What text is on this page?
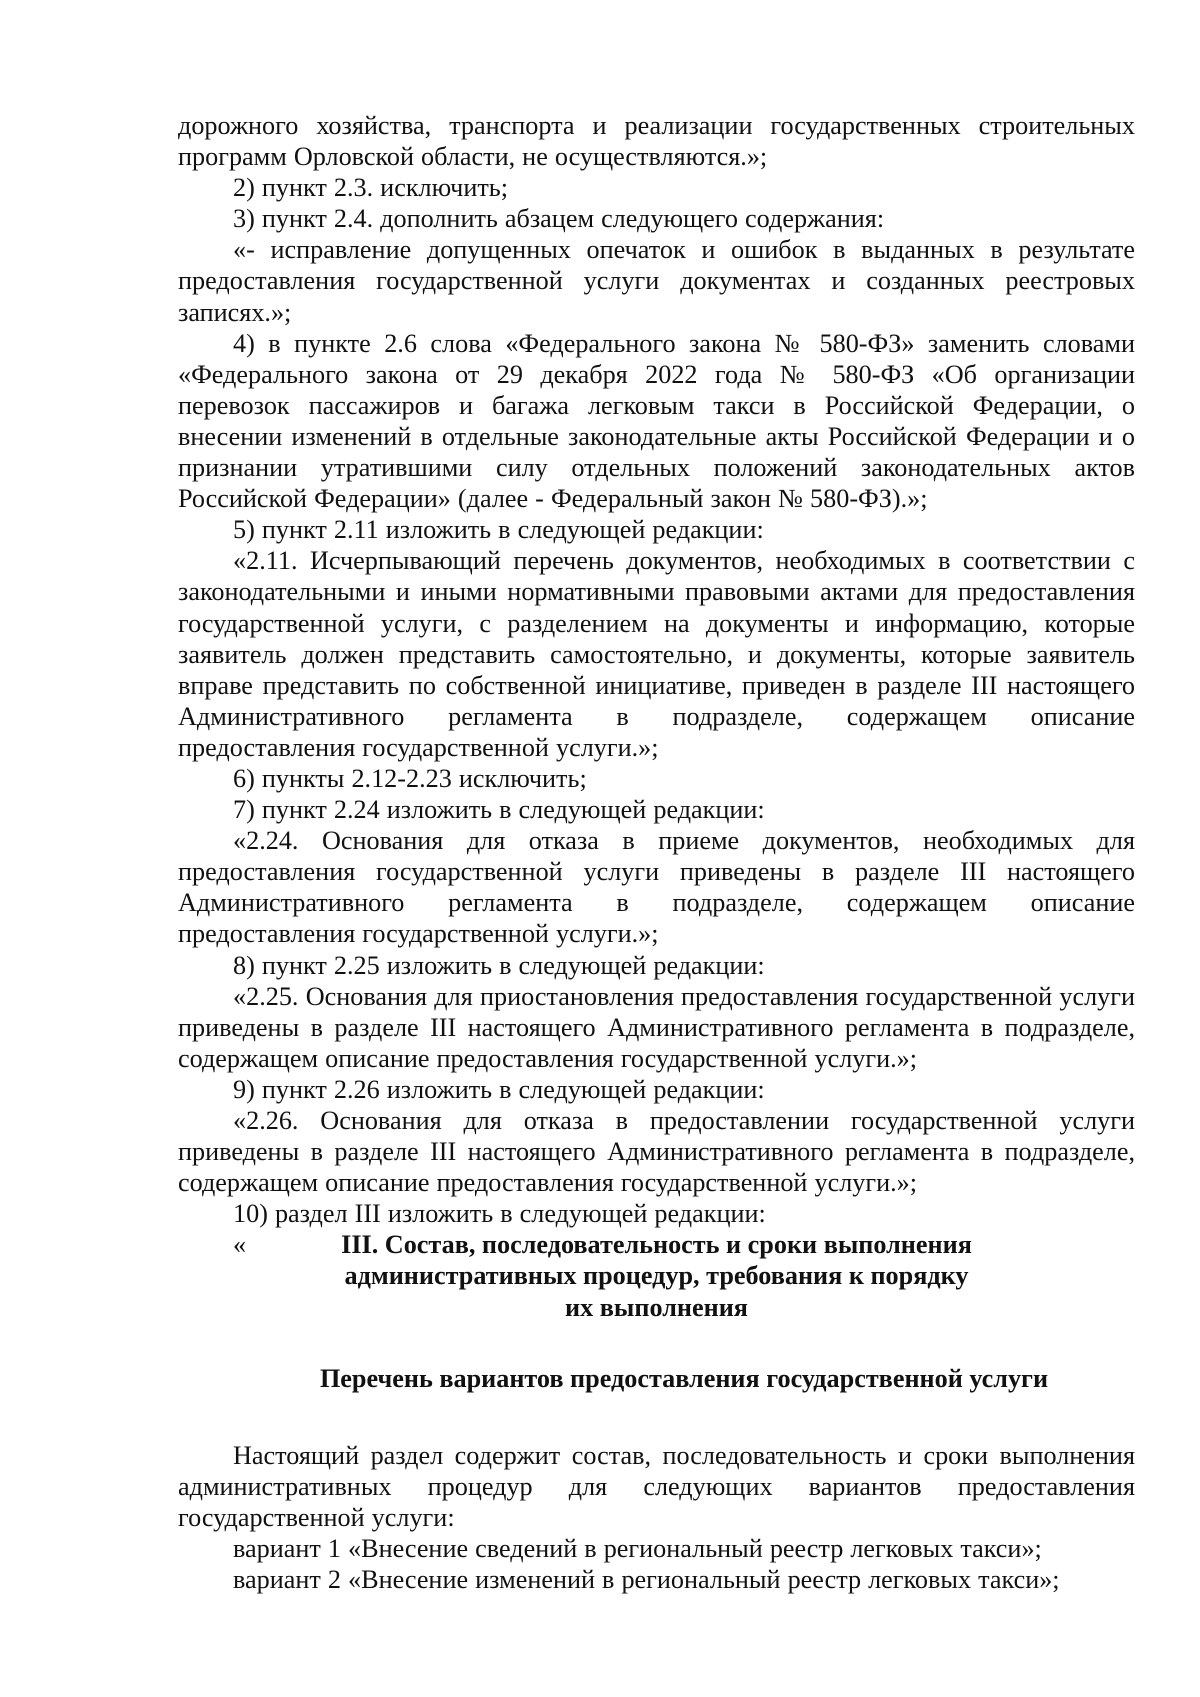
дорожного хозяйства, транспорта и реализации государственных строительных программ Орловской области, не осуществляются.»;

2) пункт 2.3. исключить;

3) пункт 2.4. дополнить абзацем следующего содержания:

«- исправление допущенных опечаток и ошибок в выданных в результате предоставления государственной услуги документах и созданных реестровых записях.»;

4) в пункте 2.6 слова «Федерального закона № 580-ФЗ» заменить словами «Федерального закона от 29 декабря 2022 года № 580-ФЗ «Об организации перевозок пассажиров и багажа легковым такси в Российской Федерации, о внесении изменений в отдельные законодательные акты Российской Федерации и о признании утратившими силу отдельных положений законодательных актов Российской Федерации» (далее - Федеральный закон № 580-ФЗ).»;

5) пункт 2.11 изложить в следующей редакции:

«2.11. Исчерпывающий перечень документов, необходимых в соответствии с законодательными и иными нормативными правовыми актами для предоставления государственной услуги, с разделением на документы и информацию, которые заявитель должен представить самостоятельно, и документы, которые заявитель вправе представить по собственной инициативе, приведен в разделе III настоящего Административного регламента в подразделе, содержащем описание предоставления государственной услуги.»;

6) пункты 2.12-2.23 исключить;

7) пункт 2.24 изложить в следующей редакции:

«2.24. Основания для отказа в приеме документов, необходимых для предоставления государственной услуги приведены в разделе III настоящего Административного регламента в подразделе, содержащем описание предоставления государственной услуги.»;

8) пункт 2.25 изложить в следующей редакции:

«2.25. Основания для приостановления предоставления государственной услуги приведены в разделе III настоящего Административного регламента в подразделе, содержащем описание предоставления государственной услуги.»;

9) пункт 2.26 изложить в следующей редакции:

«2.26. Основания для отказа в предоставлении государственной услуги приведены в разделе III настоящего Административного регламента в подразделе, содержащем описание предоставления государственной услуги.»;

10) раздел III изложить в следующей редакции:

«	III. Состав, последовательность и сроки выполнения
административных процедур, требования к порядку
их выполнения
Перечень вариантов предоставления государственной услуги

Настоящий раздел содержит состав, последовательность и сроки выполнения административных процедур для следующих вариантов предоставления государственной услуги:

вариант 1 «Внесение сведений в региональный реестр легковых такси»;

вариант 2 «Внесение изменений в региональный реестр легковых такси»;
